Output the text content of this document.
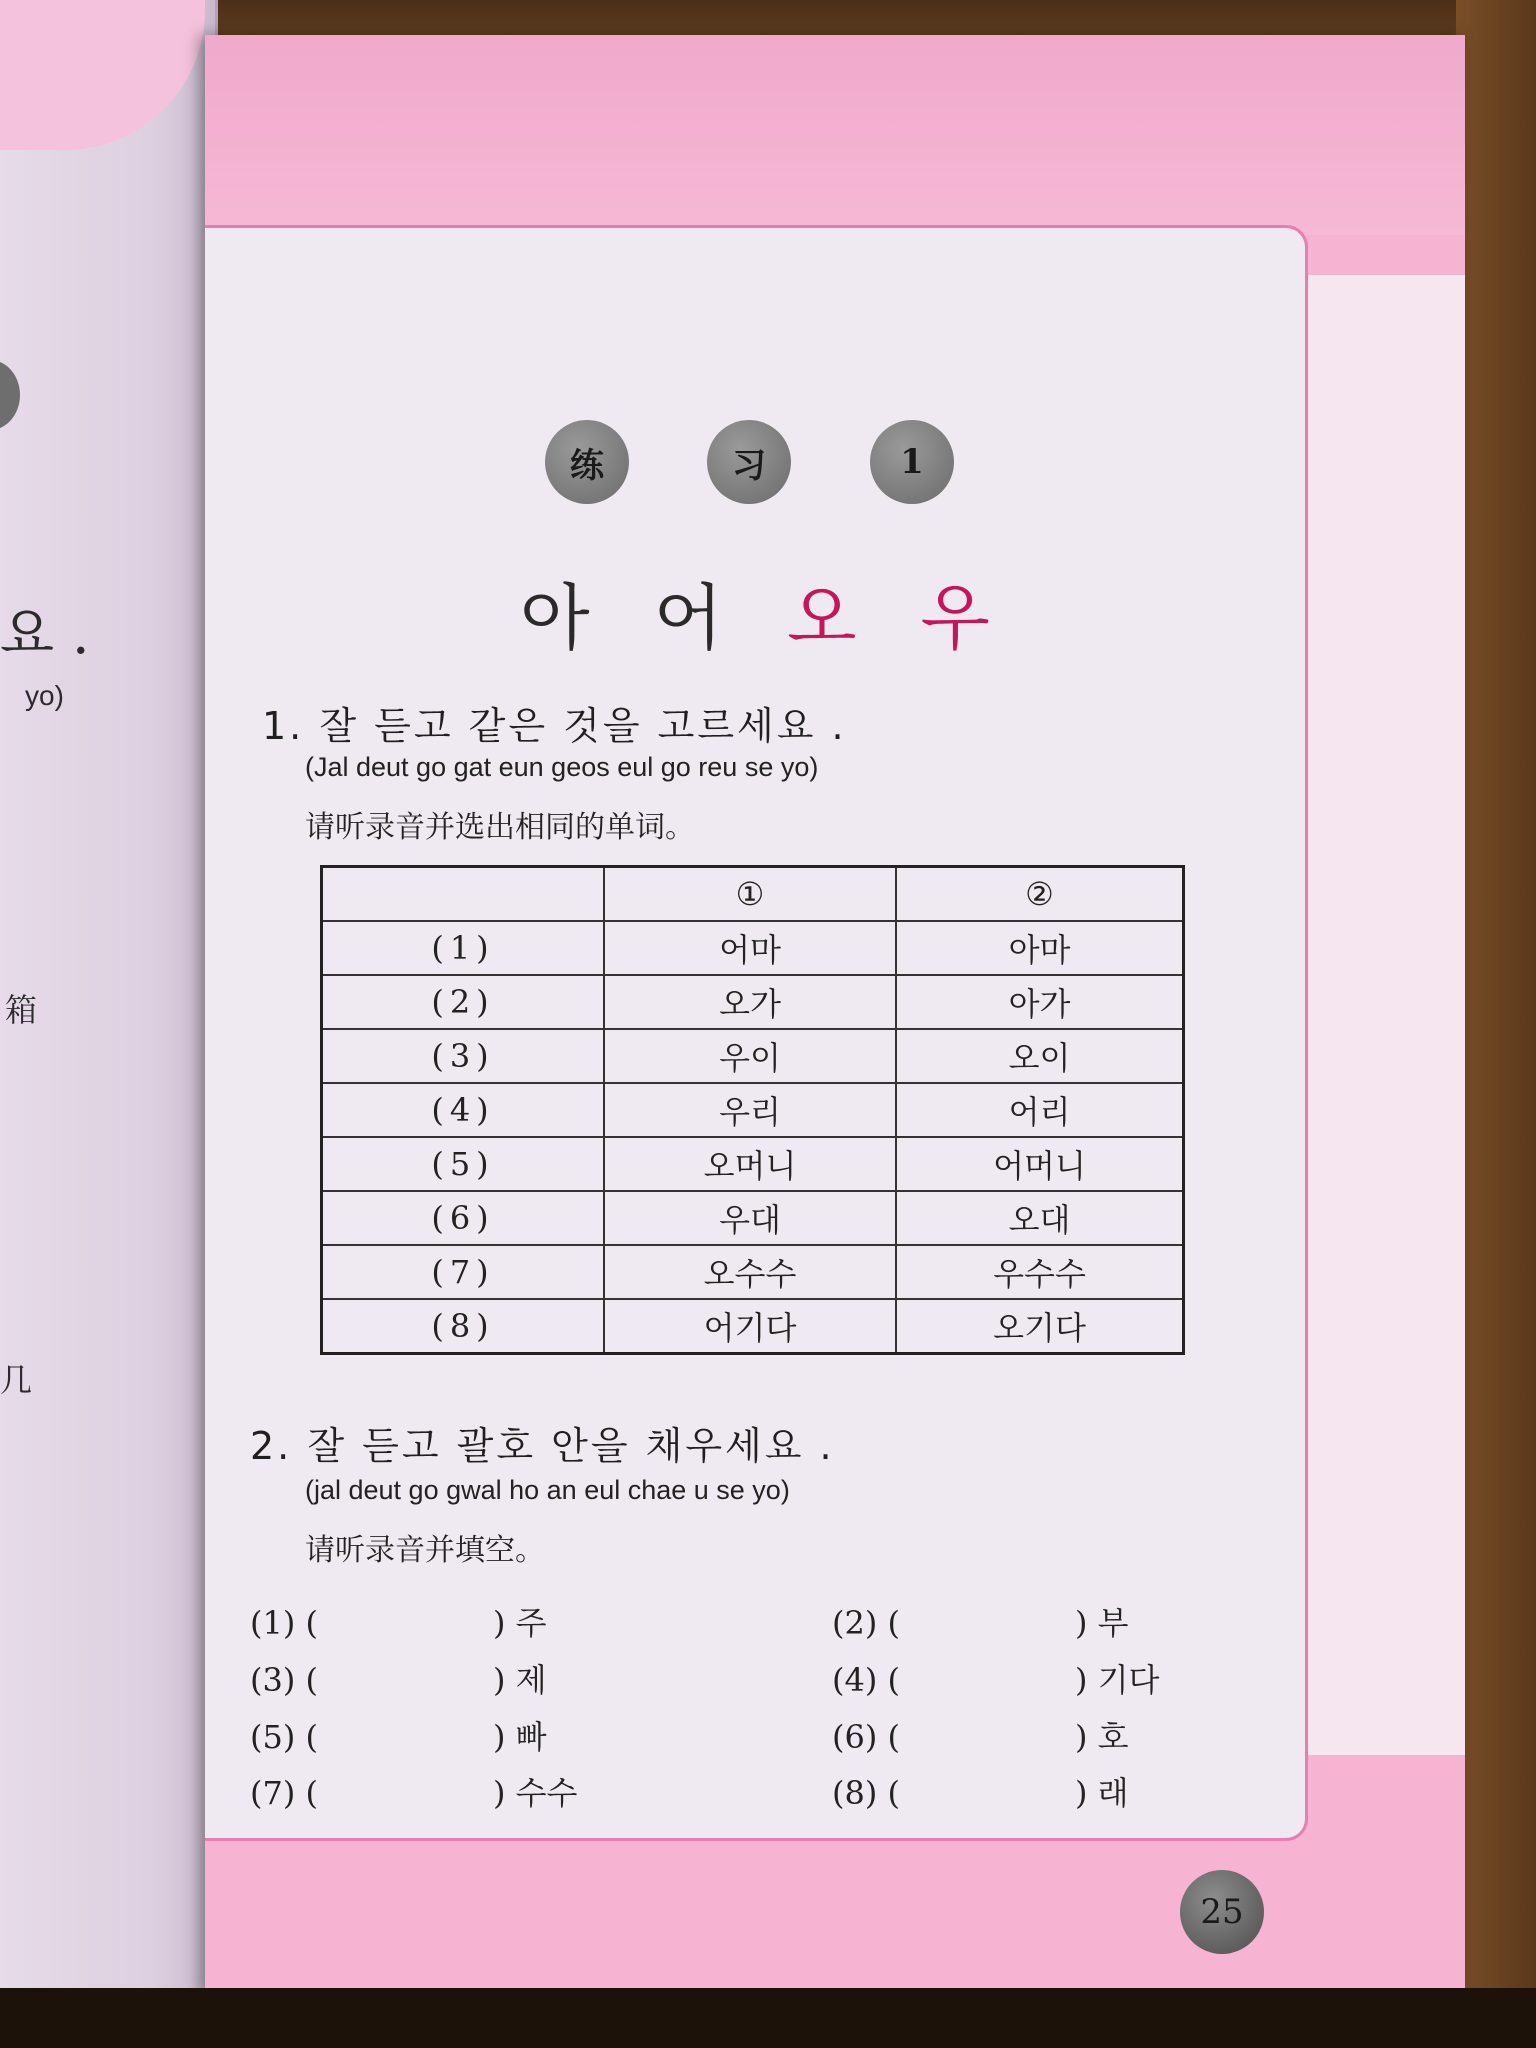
요 .
yo)
箱
几
练	习	1
아 어 오 우
1. 잘 듣고 같은 것을 고르세요 .
(Jal deut go gat eun geos eul go reu se yo)
请听录音并选出相同的单词。
	①	②
(1)	어마	아마
(2)	오가	아가
(3)	우이	오이
(4)	우리	어리
(5)	오머니	어머니
(6)	우대	오대
(7)	오수수	우수수
(8)	어기다	오기다
2. 잘 듣고 괄호 안을 채우세요 .
(jal deut go gwal ho an eul chae u se yo)
请听录音并填空。
(1) (	) 주	(2) (	) 부
(3) (	) 제	(4) (	) 기다
(5) (	) 빠	(6) (	) 호
(7) (	) 수수	(8) (	) 래
25
